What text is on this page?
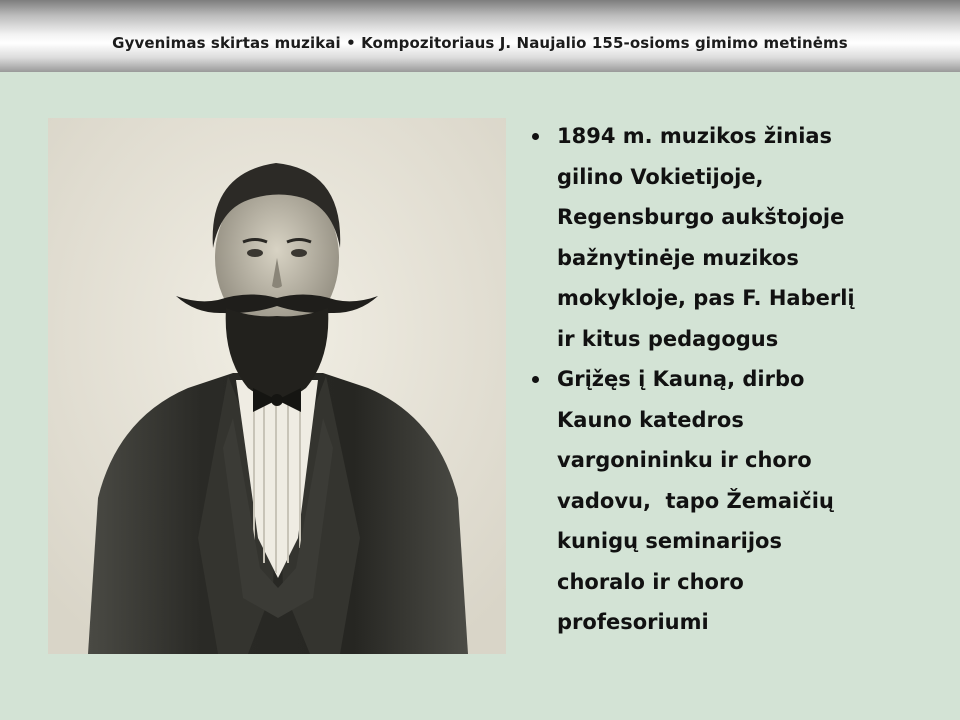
Gyvenimas skirtas muzikai • Kompozitoriaus J. Naujalio 155-osioms gimimo metinėms
1894 m. muzikos žinias
gilino Vokietijoje,
Regensburgo aukštojoje
bažnytinėje muzikos
mokykloje, pas F. Haberlį
ir kitus pedagogus
Grįžęs į Kauną, dirbo
Kauno katedros
vargonininku ir choro
vadovu,  tapo Žemaičių
kunigų seminarijos
choralo ir choro
profesoriumi
